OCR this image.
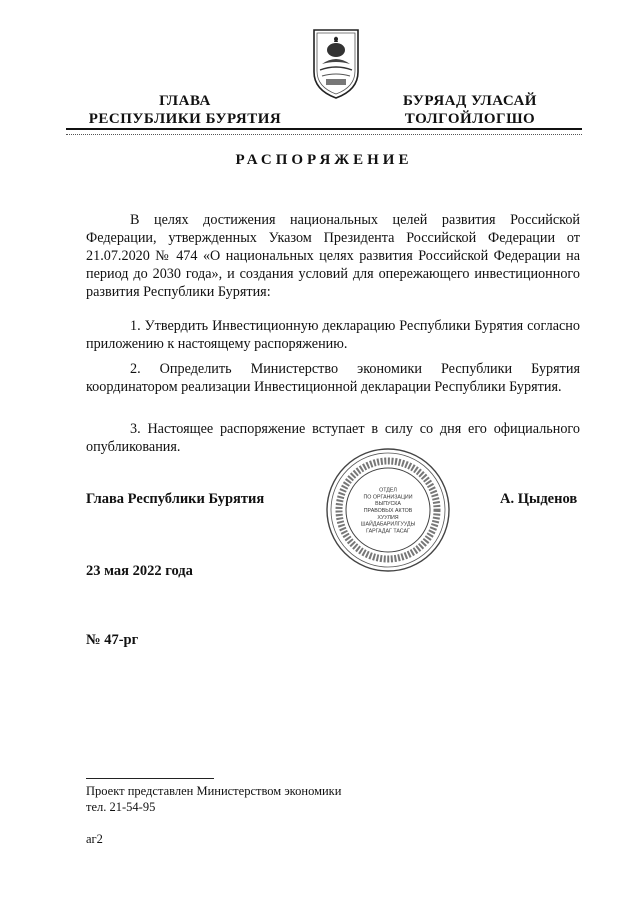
ГЛАВА
РЕСПУБЛИКИ БУРЯТИЯ
БУРЯАД УЛАСАЙ
ТОЛГОЙЛОГШО
РАСПОРЯЖЕНИЕ
В целях достижения национальных целей развития Российской Федерации, утвержденных Указом Президента Российской Федерации от 21.07.2020 № 474 «О национальных целях развития Российской Федерации на период до 2030 года», и создания условий для опережающего инвестиционного развития Республики Бурятия:
1. Утвердить Инвестиционную декларацию Республики Бурятия согласно приложению к настоящему распоряжению.
2. Определить Министерство экономики Республики Бурятия координатором реализации Инвестиционной декларации Республики Бурятия.
3. Настоящее распоряжение вступает в силу со дня его официального опубликования.
ОТДЕЛ
ПО ОРГАНИЗАЦИИ
ВЫПУСКА
ПРАВОВЫХ АКТОВ
ХУУЛИЯ
ШАЙДАБАРИЛГУУДЫ
ГАРГАДАГ ТАСАГ
Глава Республики Бурятия	А. Цыденов
23 мая 2022 года
№ 47-рг
Проект представлен Министерством экономики
тел. 21-54-95
аг2
